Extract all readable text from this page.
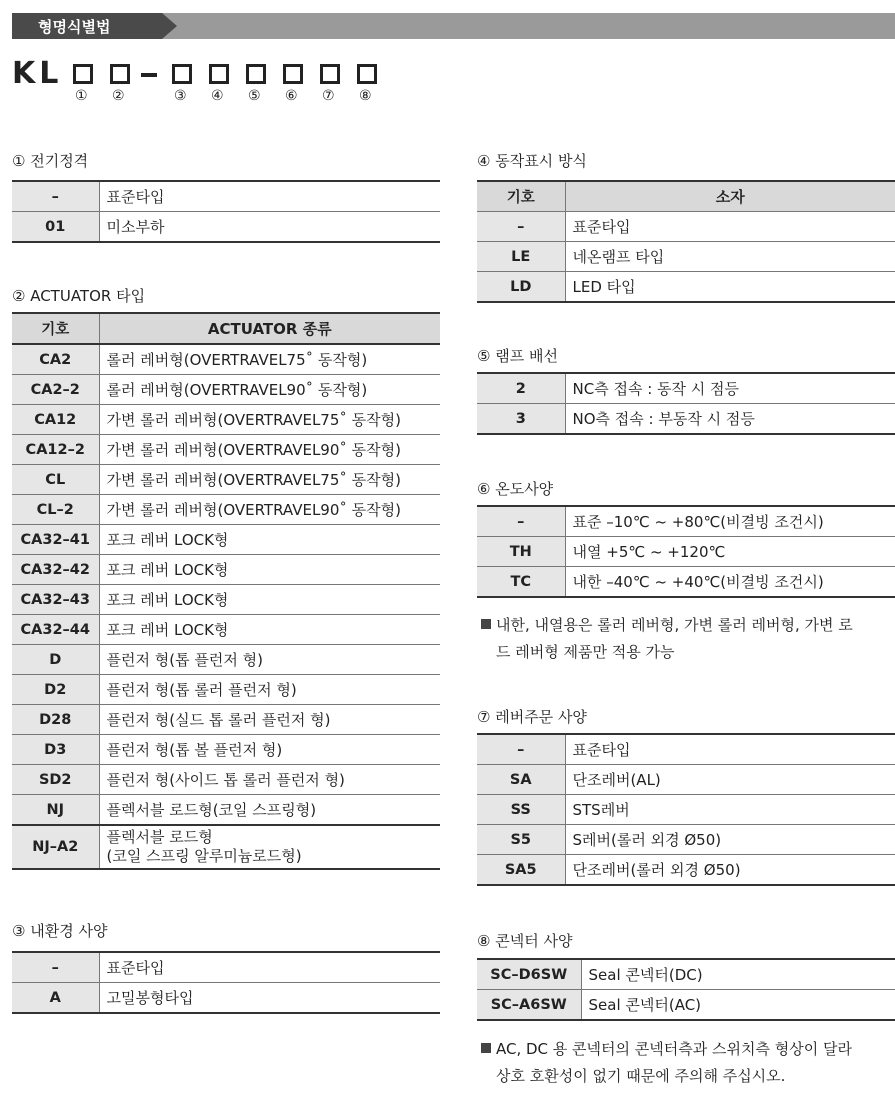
형명식별법
KL
① ②	③ ④ ⑤ ⑥ ⑦ ⑧
① 전기정격
–	표준타입
01	미소부하
② ACTUATOR 타입
기호	ACTUATOR 종류
CA2	롤러 레버형(OVERTRAVEL75˚ 동작형)
CA2–2	롤러 레버형(OVERTRAVEL90˚ 동작형)
CA12	가변 롤러 레버형(OVERTRAVEL75˚ 동작형)
CA12–2	가변 롤러 레버형(OVERTRAVEL90˚ 동작형)
CL	가변 롤러 레버형(OVERTRAVEL75˚ 동작형)
CL–2	가변 롤러 레버형(OVERTRAVEL90˚ 동작형)
CA32–41	포크 레버 LOCK형
CA32–42	포크 레버 LOCK형
CA32–43	포크 레버 LOCK형
CA32–44	포크 레버 LOCK형
D	플런저 형(톱 플런저 형)
D2	플런저 형(톱 롤러 플런저 형)
D28	플런저 형(실드 톱 롤러 플런저 형)
D3	플런저 형(톱 볼 플런저 형)
SD2	플런저 형(사이드 톱 롤러 플런저 형)
NJ	플렉서블 로드형(코일 스프링형)
NJ–A2	플렉서블 로드형
(코일 스프링 알루미늄로드형)
③ 내환경 사양
–	표준타입
A	고밀봉형타입
④ 동작표시 방식
기호	소자
–	표준타입
LE	네온램프 타입
LD	LED 타입
⑤ 램프 배선
2	NC측 접속 : 동작 시 점등
3	NO측 접속 : 부동작 시 점등
⑥ 온도사양
–	표준 –10℃ ~ +80℃(비결빙 조건시)
TH	내열 +5℃ ~ +120℃
TC	내한 –40℃ ~ +40℃(비결빙 조건시)
내한, 내열용은 롤러 레버형, 가변 롤러 레버형, 가변 로
드 레버형 제품만 적용 가능
⑦ 레버주문 사양
–	표준타입
SA	단조레버(AL)
SS	STS레버
S5	S레버(롤러 외경 Ø50)
SA5	단조레버(롤러 외경 Ø50)
⑧ 콘넥터 사양
SC–D6SW	Seal 콘넥터(DC)
SC–A6SW	Seal 콘넥터(AC)
AC, DC 용 콘넥터의 콘넥터측과 스위치측 형상이 달라
상호 호환성이 없기 때문에 주의해 주십시오.
